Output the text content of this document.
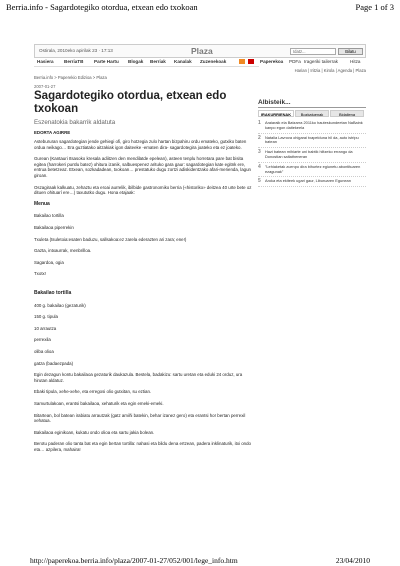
Berria.info - Sagardotegiko otordua, etxean edo txokoan	Page 1 of 3
Ostirala, 2010eko apirilak 23 · 17:13	Plaza	Idatz...	Bilatu
Hasiera BerriaTB Parte Hartu Blogak Berriak Kanalak Zuzenekoak	Paperekoa PDFa Irageriki tailerrak	Hitza
Harian | Iritzia | Kirola | Agenda | Plaza
Berria.info > Paperekio Edizioa > Plaza
2007-01-27
Sagardotegiko otordua, etxean edo txokoan
Eszenatokia bakarrik aldatuta

EDORTA AGIRRE

Astebururan sagardotegian jende gehiegi ofi, giro hotzegia zulo hartan bizpahiru ordu emateko, gutxiko baten ordua neikago… Era guztiatako aitzakiak igon daiteeke -ematen dira- sagardotegira joateko eta ez joateko.

Gurean (Kantauri Itsasoko kresala adiitzen den mendilatde epelean), asteen tenplu horretara pare bat bisita egitea (harrokeri puntlu batez) ohitura izanik, salbuespenez arituko gara gaur: sagardotegian kate egitnk ere, entrua betetzeaz. Etxean, sozkadadean, txokoan… prestatuko dugu zortzi adiskidentzako afari-merienda, lagun giroan.

Oszagiraak kalkuatu, zehaztu eta eroai aurrelik, ibilbide gastronomiko berria («historiko» deitzea 40 urte bete oz dituen ohituarí ere…) taxututko dugu. Hona etajaak:

Menua

Bakailao tortilla

Bakailaoa piperrekin

Txuleta (tsuletoia:esaten baduzu, sallsakoa:ez zarela ederazten ari zara; ene!)

Gazta, intxaurrak, menbrilloa.

Sagardoa, ogia

Txotx!

Bakailao tortilla

400 g. bakailao (gezaturik)

150 g. tipula

10 arrautza

perrexila

oliba olioa

gatza (badaezpada)

Egin dezagun kontu bakailaoa gezaturik daukazula. Bestela, badakizu: sartu uretan eta eduki 24 orduz, ura hirutan aldatuz.

Ebaki tipula, xehe-xehe, eta erregosi olio gutxitan, su eztian.

Samurtulakoan, erantsi bakailaoa, xehaturik eta egin emeki-emeki.

Bitartean, bol batean irabiatu arrautzak (gatz amiñi batekin, behar izanez gero) eta erantsi hor bertan perrexil xehatua.

Bakailaoa eginikoan, kukatu ondo olioa eta sartu jakia bolean.

Berotu paderan olio tanta bat eta egin bertan tortilla: nahasi eta bildu dena ertzean, padera inklinaturik, itxi ondo eta… azpilera, mahaira!

Albisteik...
IRAKURRIENAK	Bozkatuenak	Bidaliena
1 Araiaraik ela Batzarra 2011ko hauteskundeetan NaBaink kanpo egon daitekeela
2 Natalia Lavrova ohigarai txapelduna hil da, auto istripu batean
3 Hazi batean mihiarte uni babtik hiltzeko errango da Donostian saltatheneran
4 "Lehiaketak zuenpo dira bihurtez egiunetu abontituaren ezagunak"
5 Aroka eta ekiteek ugari gaur, Liburuaren Egunean
http://paperekoa.berria.info/plaza/2007-01-27/052/001/lege_info.htm	23/04/2010
